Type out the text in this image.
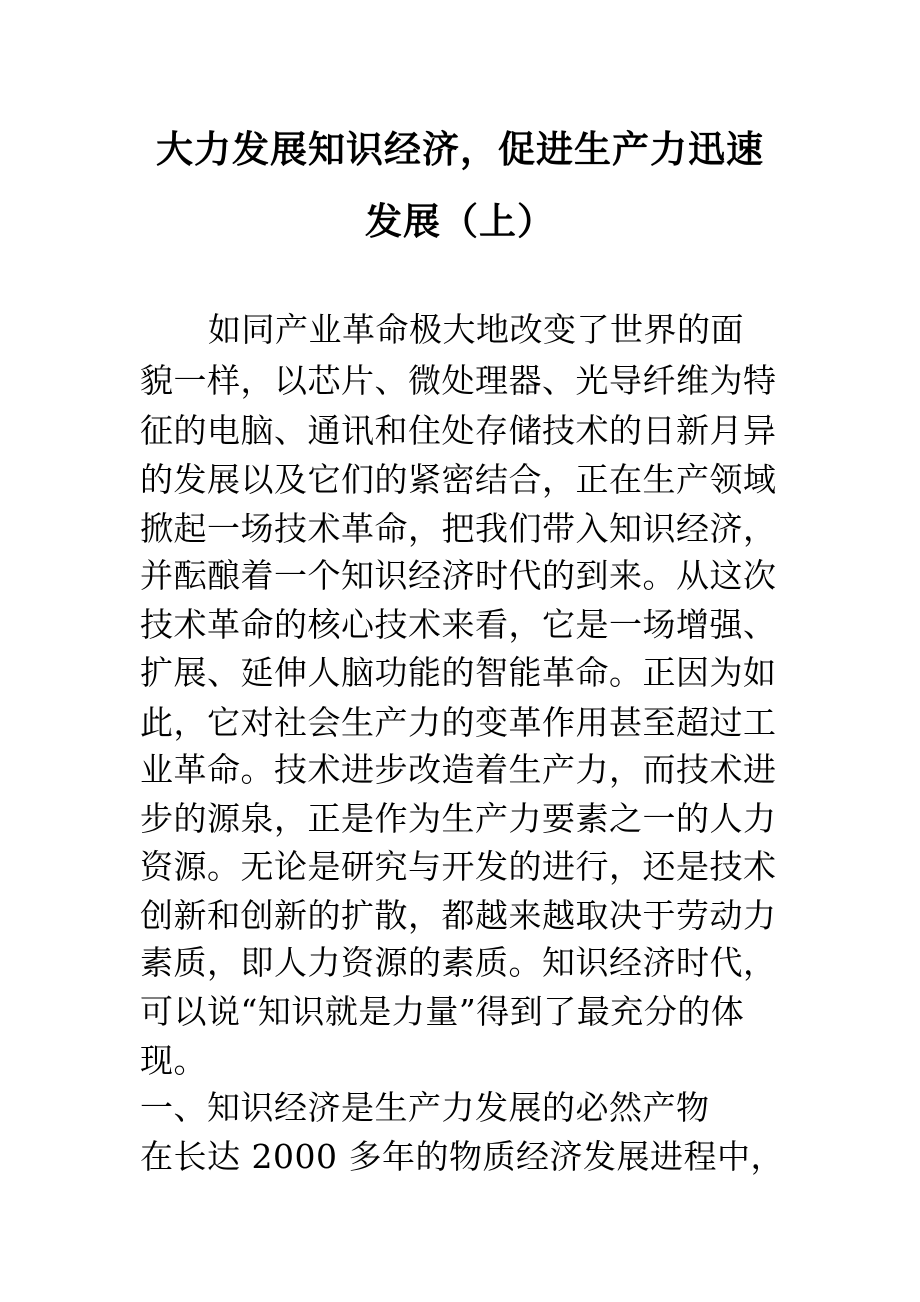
大力发展知识经济，促进生产力迅速
发展（上）
如同产业革命极大地改变了世界的面
貌一样，以芯片、微处理器、光导纤维为特
征的电脑、通讯和住处存储技术的日新月异
的发展以及它们的紧密结合，正在生产领域
掀起一场技术革命，把我们带入知识经济，
并酝酿着一个知识经济时代的到来。从这次
技术革命的核心技术来看，它是一场增强、
扩展、延伸人脑功能的智能革命。正因为如
此，它对社会生产力的变革作用甚至超过工
业革命。技术进步改造着生产力，而技术进
步的源泉，正是作为生产力要素之一的人力
资源。无论是研究与开发的进行，还是技术
创新和创新的扩散，都越来越取决于劳动力
素质，即人力资源的素质。知识经济时代，
可以说“知识就是力量”得到了最充分的体
现。
一、知识经济是生产力发展的必然产物
在长达 2000 多年的物质经济发展进程中，
